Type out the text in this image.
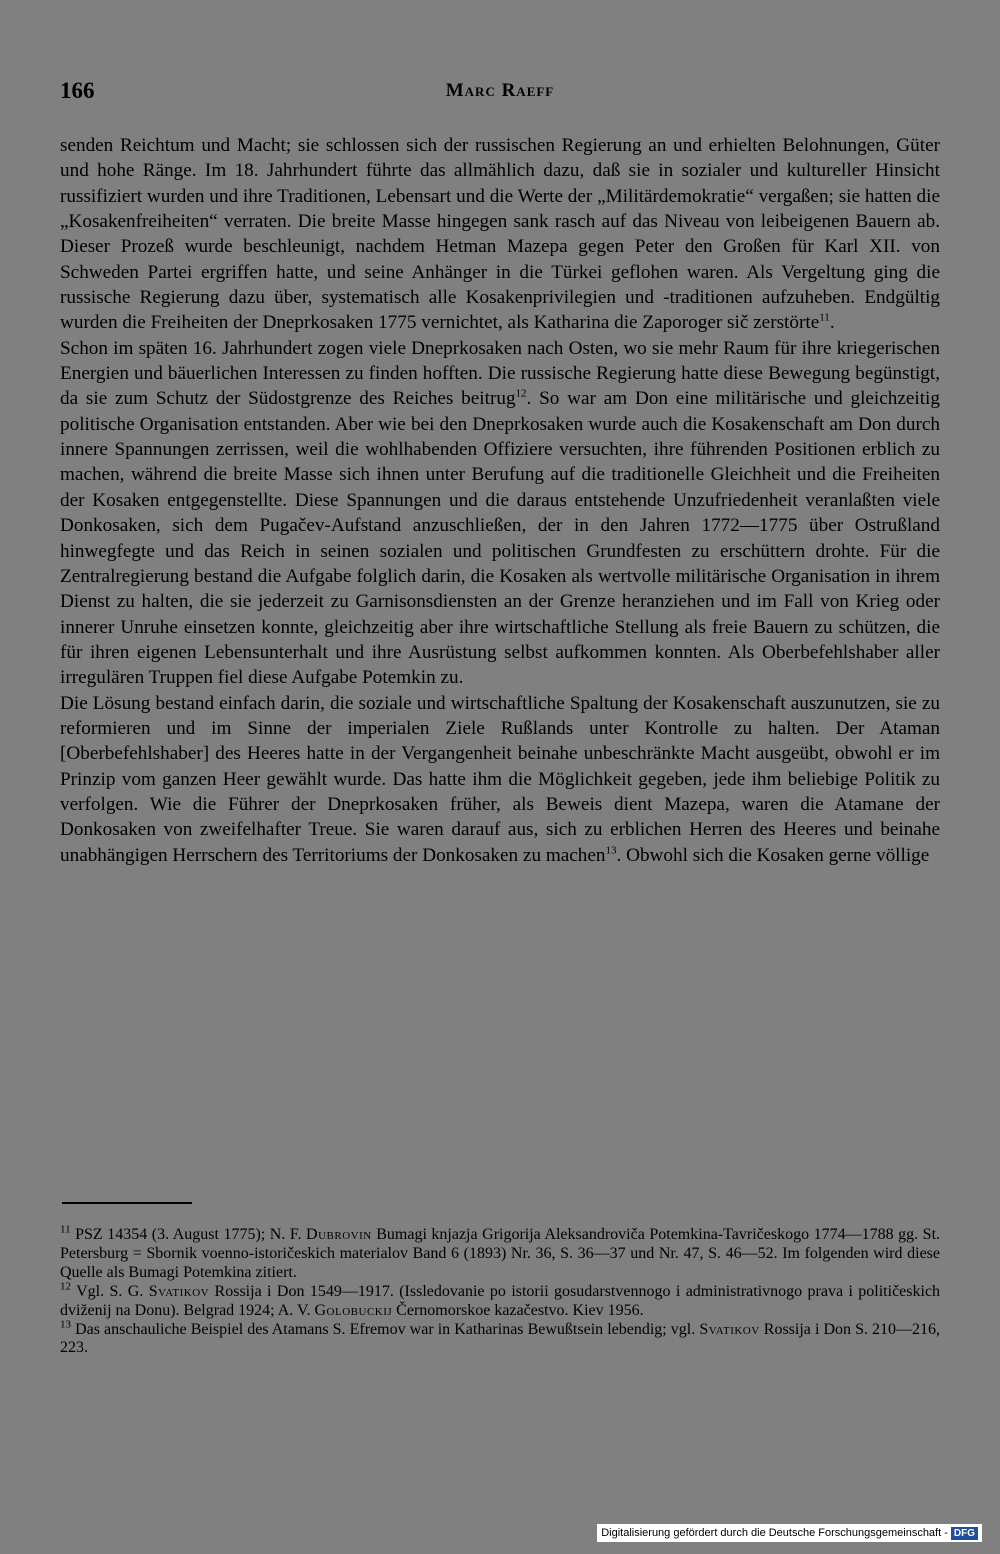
166	Marc Raeff

senden Reichtum und Macht; sie schlossen sich der russischen Regierung an und erhielten Belohnungen, Güter und hohe Ränge. Im 18. Jahrhundert führte das allmählich dazu, daß sie in sozialer und kultureller Hinsicht russifiziert wurden und ihre Traditionen, Lebensart und die Werte der „Militärdemokratie“ vergaßen; sie hatten die „Kosakenfreiheiten“ verraten. Die breite Masse hingegen sank rasch auf das Niveau von leibeigenen Bauern ab. Dieser Prozeß wurde beschleunigt, nachdem Hetman Mazepa gegen Peter den Großen für Karl XII. von Schweden Partei ergriffen hatte, und seine Anhänger in die Türkei geflohen waren. Als Vergeltung ging die russische Regierung dazu über, systematisch alle Kosakenprivilegien und -traditionen aufzuheben. Endgültig wurden die Freiheiten der Dneprkosaken 1775 vernichtet, als Katharina die Zaporoger sič zerstörte$^{11}$.

Schon im späten 16. Jahrhundert zogen viele Dneprkosaken nach Osten, wo sie mehr Raum für ihre kriegerischen Energien und bäuerlichen Interessen zu finden hofften. Die russische Regierung hatte diese Bewegung begünstigt, da sie zum Schutz der Südostgrenze des Reiches beitrug$^{12}$. So war am Don eine militärische und gleichzeitig politische Organisation entstanden. Aber wie bei den Dneprkosaken wurde auch die Kosakenschaft am Don durch innere Spannungen zerrissen, weil die wohlhabenden Offiziere versuchten, ihre führenden Positionen erblich zu machen, während die breite Masse sich ihnen unter Berufung auf die traditionelle Gleichheit und die Freiheiten der Kosaken entgegenstellte. Diese Spannungen und die daraus entstehende Unzufriedenheit veranlaßten viele Donkosaken, sich dem Pugačev-Aufstand anzuschließen, der in den Jahren 1772—1775 über Ostrußland hinwegfegte und das Reich in seinen sozialen und politischen Grundfesten zu erschüttern drohte. Für die Zentralregierung bestand die Aufgabe folglich darin, die Kosaken als wertvolle militärische Organisation in ihrem Dienst zu halten, die sie jederzeit zu Garnisonsdiensten an der Grenze heranziehen und im Fall von Krieg oder innerer Unruhe einsetzen konnte, gleichzeitig aber ihre wirtschaftliche Stellung als freie Bauern zu schützen, die für ihren eigenen Lebensunterhalt und ihre Ausrüstung selbst aufkommen konnten. Als Oberbefehlshaber aller irregulären Truppen fiel diese Aufgabe Potemkin zu.

Die Lösung bestand einfach darin, die soziale und wirtschaftliche Spaltung der Kosakenschaft auszunutzen, sie zu reformieren und im Sinne der imperialen Ziele Rußlands unter Kontrolle zu halten. Der Ataman [Oberbefehlshaber] des Heeres hatte in der Vergangenheit beinahe unbeschränkte Macht ausgeübt, obwohl er im Prinzip vom ganzen Heer gewählt wurde. Das hatte ihm die Möglichkeit gegeben, jede ihm beliebige Politik zu verfolgen. Wie die Führer der Dneprkosaken früher, als Beweis dient Mazepa, waren die Atamane der Donkosaken von zweifelhafter Treue. Sie waren darauf aus, sich zu erblichen Herren des Heeres und beinahe unabhängigen Herrschern des Territoriums der Donkosaken zu machen$^{13}$. Obwohl sich die Kosaken gerne völlige

$^{11}$ PSZ 14354 (3. August 1775); N. F. Dubrovin Bumagi knjazja Grigorija Aleksandroviča Potemkina-Tavričeskogo 1774—1788 gg. St. Petersburg = Sbornik voenno-istoričeskich materialov Band 6 (1893) Nr. 36, S. 36—37 und Nr. 47, S. 46—52. Im folgenden wird diese Quelle als Bumagi Potemkina zitiert.

$^{12}$ Vgl. S. G. Svatikov Rossija i Don 1549—1917. (Issledovanie po istorii gosudarstvennogo i administrativnogo prava i političeskich dviženij na Donu). Belgrad 1924; A. V. Golobuckij Černomorskoe kazačestvo. Kiev 1956.

$^{13}$ Das anschauliche Beispiel des Atamans S. Efremov war in Katharinas Bewußtsein lebendig; vgl. Svatikov Rossija i Don S. 210—216, 223.

Digitalisierung gefördert durch die Deutsche Forschungsgemeinschaft - DFG
